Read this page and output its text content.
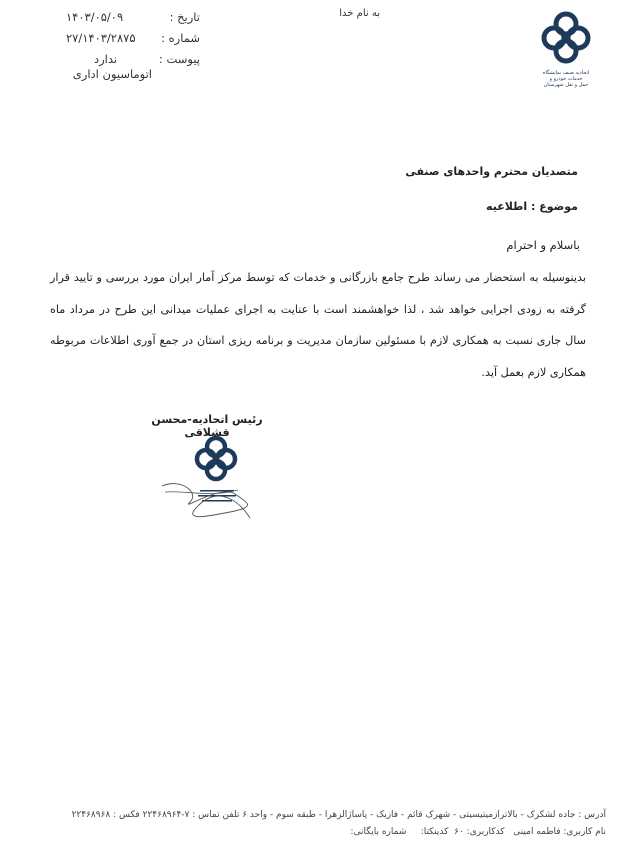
اتحادیه صنف نمایشگاه
خدمات خودرو و
حمل و نقل شهرستان
به نام خدا
تاریخ :
۱۴۰۳/۰۵/۰۹
شماره :
۲۷/۱۴۰۳/۲۸۷۵
پیوست :
ندارد
اتوماسیون اداری
متصدیان محترم واحدهای صنفی
موضوع : اطلاعیه
باسلام و احترام
بدینوسیله به استحضار می رساند طرح جامع بازرگانی و خدمات که توسط مرکز آمار ایران مورد بررسی و تایید قرار گرفته به زودی اجرایی خواهد شد ، لذا خواهشمند است با عنایت به اجرای عملیات میدانی این طرح در مرداد ماه سال جاری نسبت به همکاری لازم با مسئولین سازمان مدیریت و برنامه ریزی استان در جمع آوری اطلاعات مربوطه همکاری لازم بعمل آید.
رئیس اتحادیه-محسن قشلاقی
آدرس : جاده لشکرک - بالاترازمیتیسیتی - شهرک قائم - فازیک - پاساژالزهرا - طبقه سوم - واحد ۶ تلفن تماس : ۷-۲۲۴۶۸۹۶۴ فکس : ۲۲۴۶۸۹۶۸
نام کاربری: فاطمه امینی   کدکاربری: ۶۰  کدینکتا:     شماره بایگانی:
